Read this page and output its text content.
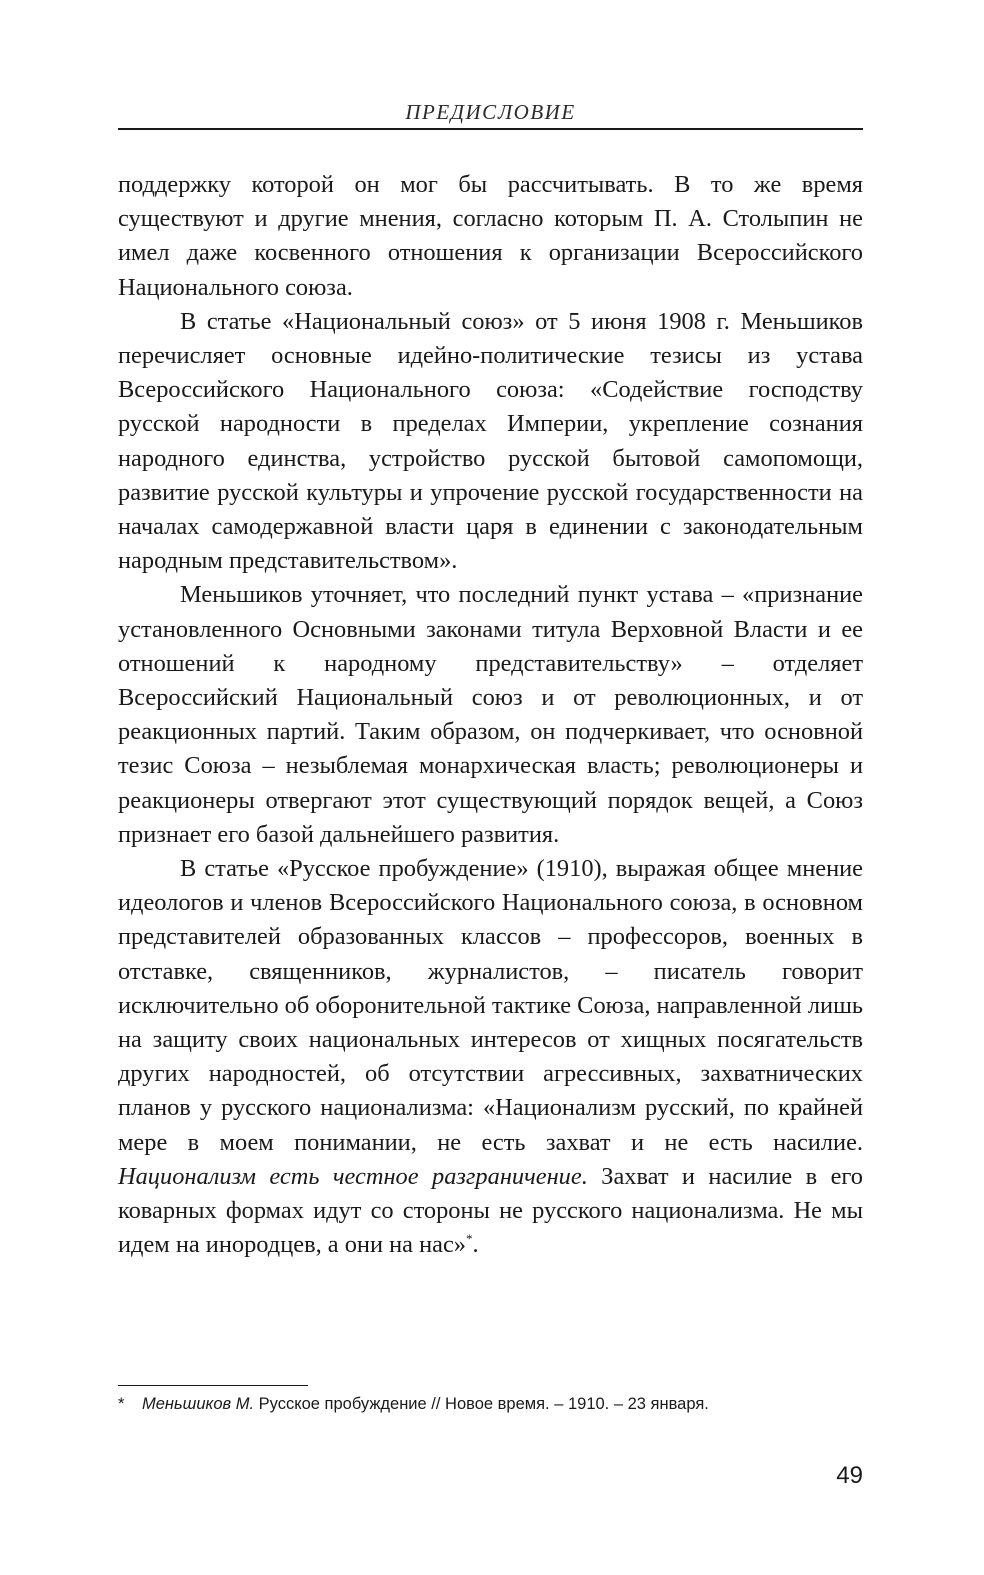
ПРЕДИСЛОВИЕ

поддержку которой он мог бы рассчитывать. В то же время существуют и другие мнения, согласно которым П. А. Столыпин не имел даже косвенного отношения к организации Всероссийского Национального союза.

В статье «Национальный союз» от 5 июня 1908 г. Меньшиков перечисляет основные идейно-политические тезисы из устава Всероссийского Национального союза: «Содействие господству русской народности в пределах Империи, укрепление сознания народного единства, устройство русской бытовой самопомощи, развитие русской культуры и упрочение русской государственности на началах самодержавной власти царя в единении с законодательным народным представительством».

Меньшиков уточняет, что последний пункт устава – «признание установленного Основными законами титула Верховной Власти и ее отношений к народному представительству» – отделяет Всероссийский Национальный союз и от революционных, и от реакционных партий. Таким образом, он подчеркивает, что основной тезис Союза – незыблемая монархическая власть; революционеры и реакционеры отвергают этот существующий порядок вещей, а Союз признает его базой дальнейшего развития.

В статье «Русское пробуждение» (1910), выражая общее мнение идеологов и членов Всероссийского Национального союза, в основном представителей образованных классов – профессоров, военных в отставке, священников, журналистов, – писатель говорит исключительно об оборонительной тактике Союза, направленной лишь на защиту своих национальных интересов от хищных посягательств других народностей, об отсутствии агрессивных, захватнических планов у русского национализма: «Национализм русский, по крайней мере в моем понимании, не есть захват и не есть насилие. Национализм есть честное разграничение. Захват и насилие в его коварных формах идут со стороны не русского национализма. Не мы идем на инородцев, а они на нас»*.

* Меньшиков М. Русское пробуждение // Новое время. – 1910. – 23 января.
49
